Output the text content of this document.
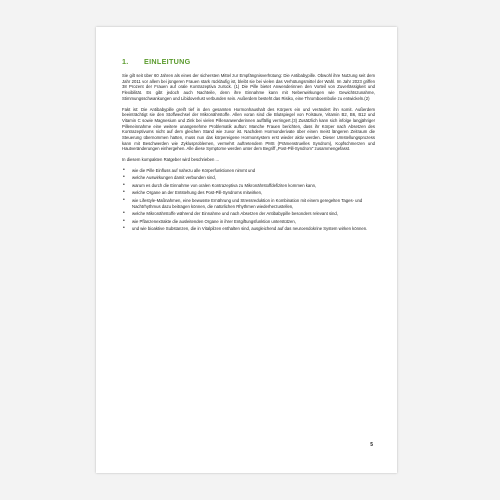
1.	EINLEITUNG

Sie gilt seit über 60 Jahren als eines der sichersten Mittel zur Empfängnisverhütung: Die Antibabypille. Obwohl ihre Nutzung seit dem Jahr 2011 vor allem bei jüngeren Frauen stark rückläufig ist, bleibt sie bei vielen das Verhütungsmittel der Wahl. Im Jahr 2023 griffen 38 Prozent der Frauen auf orale Kontrazeptiva zurück. (1) Die Pille bietet Anwenderinnen den Vorteil von Zuverlässigkeit und Flexibilität. Es gibt jedoch auch Nachteile, denn ihre Einnahme kann mit Nebenwirkungen wie Gewichtszunahme, Stimmungsschwankungen und Libidoverlust verbunden sein. Außerdem besteht das Risiko, eine Thromboembolie zu entwickeln.(2)

Fakt ist: Die Antibabypille greift tief in den gesamten Hormonhaushalt des Körpers ein und verändert ihn somit. Außerdem beeinträchtigt sie den Stoffwechsel der Mikronährstoffe. Allen voran sind die Blutspiegel von Folsäure, Vitamin B2, B6, B12 und Vitamin C sowie Magnesium und Zink bei vielen Pillenanwenderinnen auffällig verringert.(3) Zusätzlich kann sich infolge langjähriger Pilleneinnahme eine weitere unangenehme Problematik auftun: Manche Frauen berichten, dass ihr Körper nach Absetzen des Kontrazeptivums nicht auf dem gleichen Stand wie zuvor ist. Nachdem Hormonderivate über einen meist längeren Zeitraum die Steuerung übernommen hatten, muss nun das körpereigene Hormonsystem erst wieder aktiv werden. Dieser Umstellungsprozess kann mit Beschwerden wie Zyklusproblemen, vermehrt auftretendem PMS (Prämenstruelles Syndrom), Kopfschmerzen und Hautveränderungen einhergehen. Alle diese Symptome werden unter dem Begriff „Post-Pill-Syndrom" zusammengefasst.

In diesem kompakten Ratgeber wird beschrieben ...

• wie die Pille Einfluss auf nahezu alle Körperfunktionen nimmt und
• welche Auswirkungen damit verbunden sind,
• warum es durch die Einnahme von oralen Kontrazeptiva zu Mikronährstoffdefiziten kommen kann,
• welche Organe an der Entstehung des Post-Pill-Syndroms mitwirken,
• wie Lifestyle-Maßnahmen, eine bewusste Ernährung und Stressreduktion in Kombination mit einem geregelten Tages- und Nachtrhythmus dazu beitragen können, die natürlichen Rhythmen wiederherzustellen,
• welche Mikronährstoffe während der Einnahme und nach Absetzen der Antibabypille besonders relevant sind,
• wie Pflanzenextrakte die ausleitenden Organe in ihrer Entgiftungsfunktion unterstützen,
• und wie bioaktive Substanzen, die in Vitalpilzen enthalten sind, ausgleichend auf das neuroendokrine System wirken können.
5
